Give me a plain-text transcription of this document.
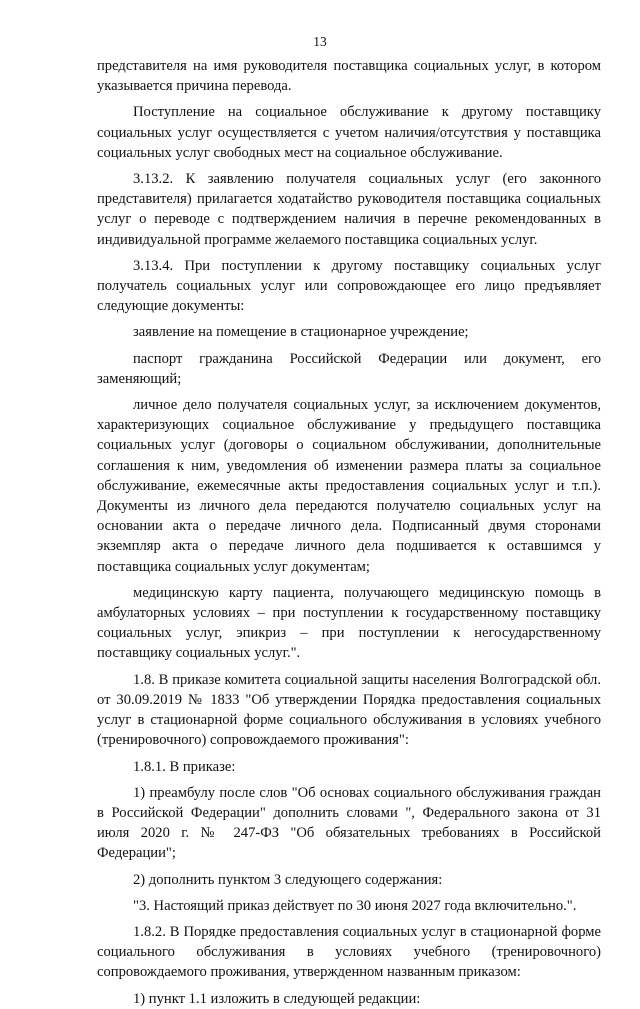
13

представителя на имя руководителя поставщика социальных услуг, в котором указывается причина перевода.

Поступление на социальное обслуживание к другому поставщику социальных услуг осуществляется с учетом наличия/отсутствия у поставщика социальных услуг свободных мест на социальное обслуживание.

3.13.2. К заявлению получателя социальных услуг (его законного представителя) прилагается ходатайство руководителя поставщика социальных услуг о переводе с подтверждением наличия в перечне рекомендованных в индивидуальной программе желаемого поставщика социальных услуг.

3.13.4. При поступлении к другому поставщику социальных услуг получатель социальных услуг или сопровождающее его лицо предъявляет следующие документы:

заявление на помещение в стационарное учреждение;

паспорт гражданина Российской Федерации или документ, его заменяющий;

личное дело получателя социальных услуг, за исключением документов, характеризующих социальное обслуживание у предыдущего поставщика социальных услуг (договоры о социальном обслуживании, дополнительные соглашения к ним, уведомления об изменении размера платы за социальное обслуживание, ежемесячные акты предоставления социальных услуг и т.п.). Документы из личного дела передаются получателю социальных услуг на основании акта о передаче личного дела. Подписанный двумя сторонами экземпляр акта о передаче личного дела подшивается к оставшимся у поставщика социальных услуг документам;

медицинскую карту пациента, получающего медицинскую помощь в амбулаторных условиях – при поступлении к государственному поставщику социальных услуг, эпикриз – при поступлении к негосударственному поставщику социальных услуг.".

1.8. В приказе комитета социальной защиты населения Волгоградской обл. от 30.09.2019 № 1833 "Об утверждении Порядка предоставления социальных услуг в стационарной форме социального обслуживания в условиях учебного (тренировочного) сопровождаемого проживания":

1.8.1. В приказе:

1) преамбулу после слов "Об основах социального обслуживания граждан в Российской Федерации" дополнить словами ", Федерального закона от 31 июля 2020 г. № 247-ФЗ "Об обязательных требованиях в Российской Федерации";

2) дополнить пунктом 3 следующего содержания:

"3. Настоящий приказ действует по 30 июня 2027 года включительно.".

1.8.2. В Порядке предоставления социальных услуг в стационарной форме социального обслуживания в условиях учебного (тренировочного) сопровождаемого проживания, утвержденном названным приказом:

1) пункт 1.1 изложить в следующей редакции:
